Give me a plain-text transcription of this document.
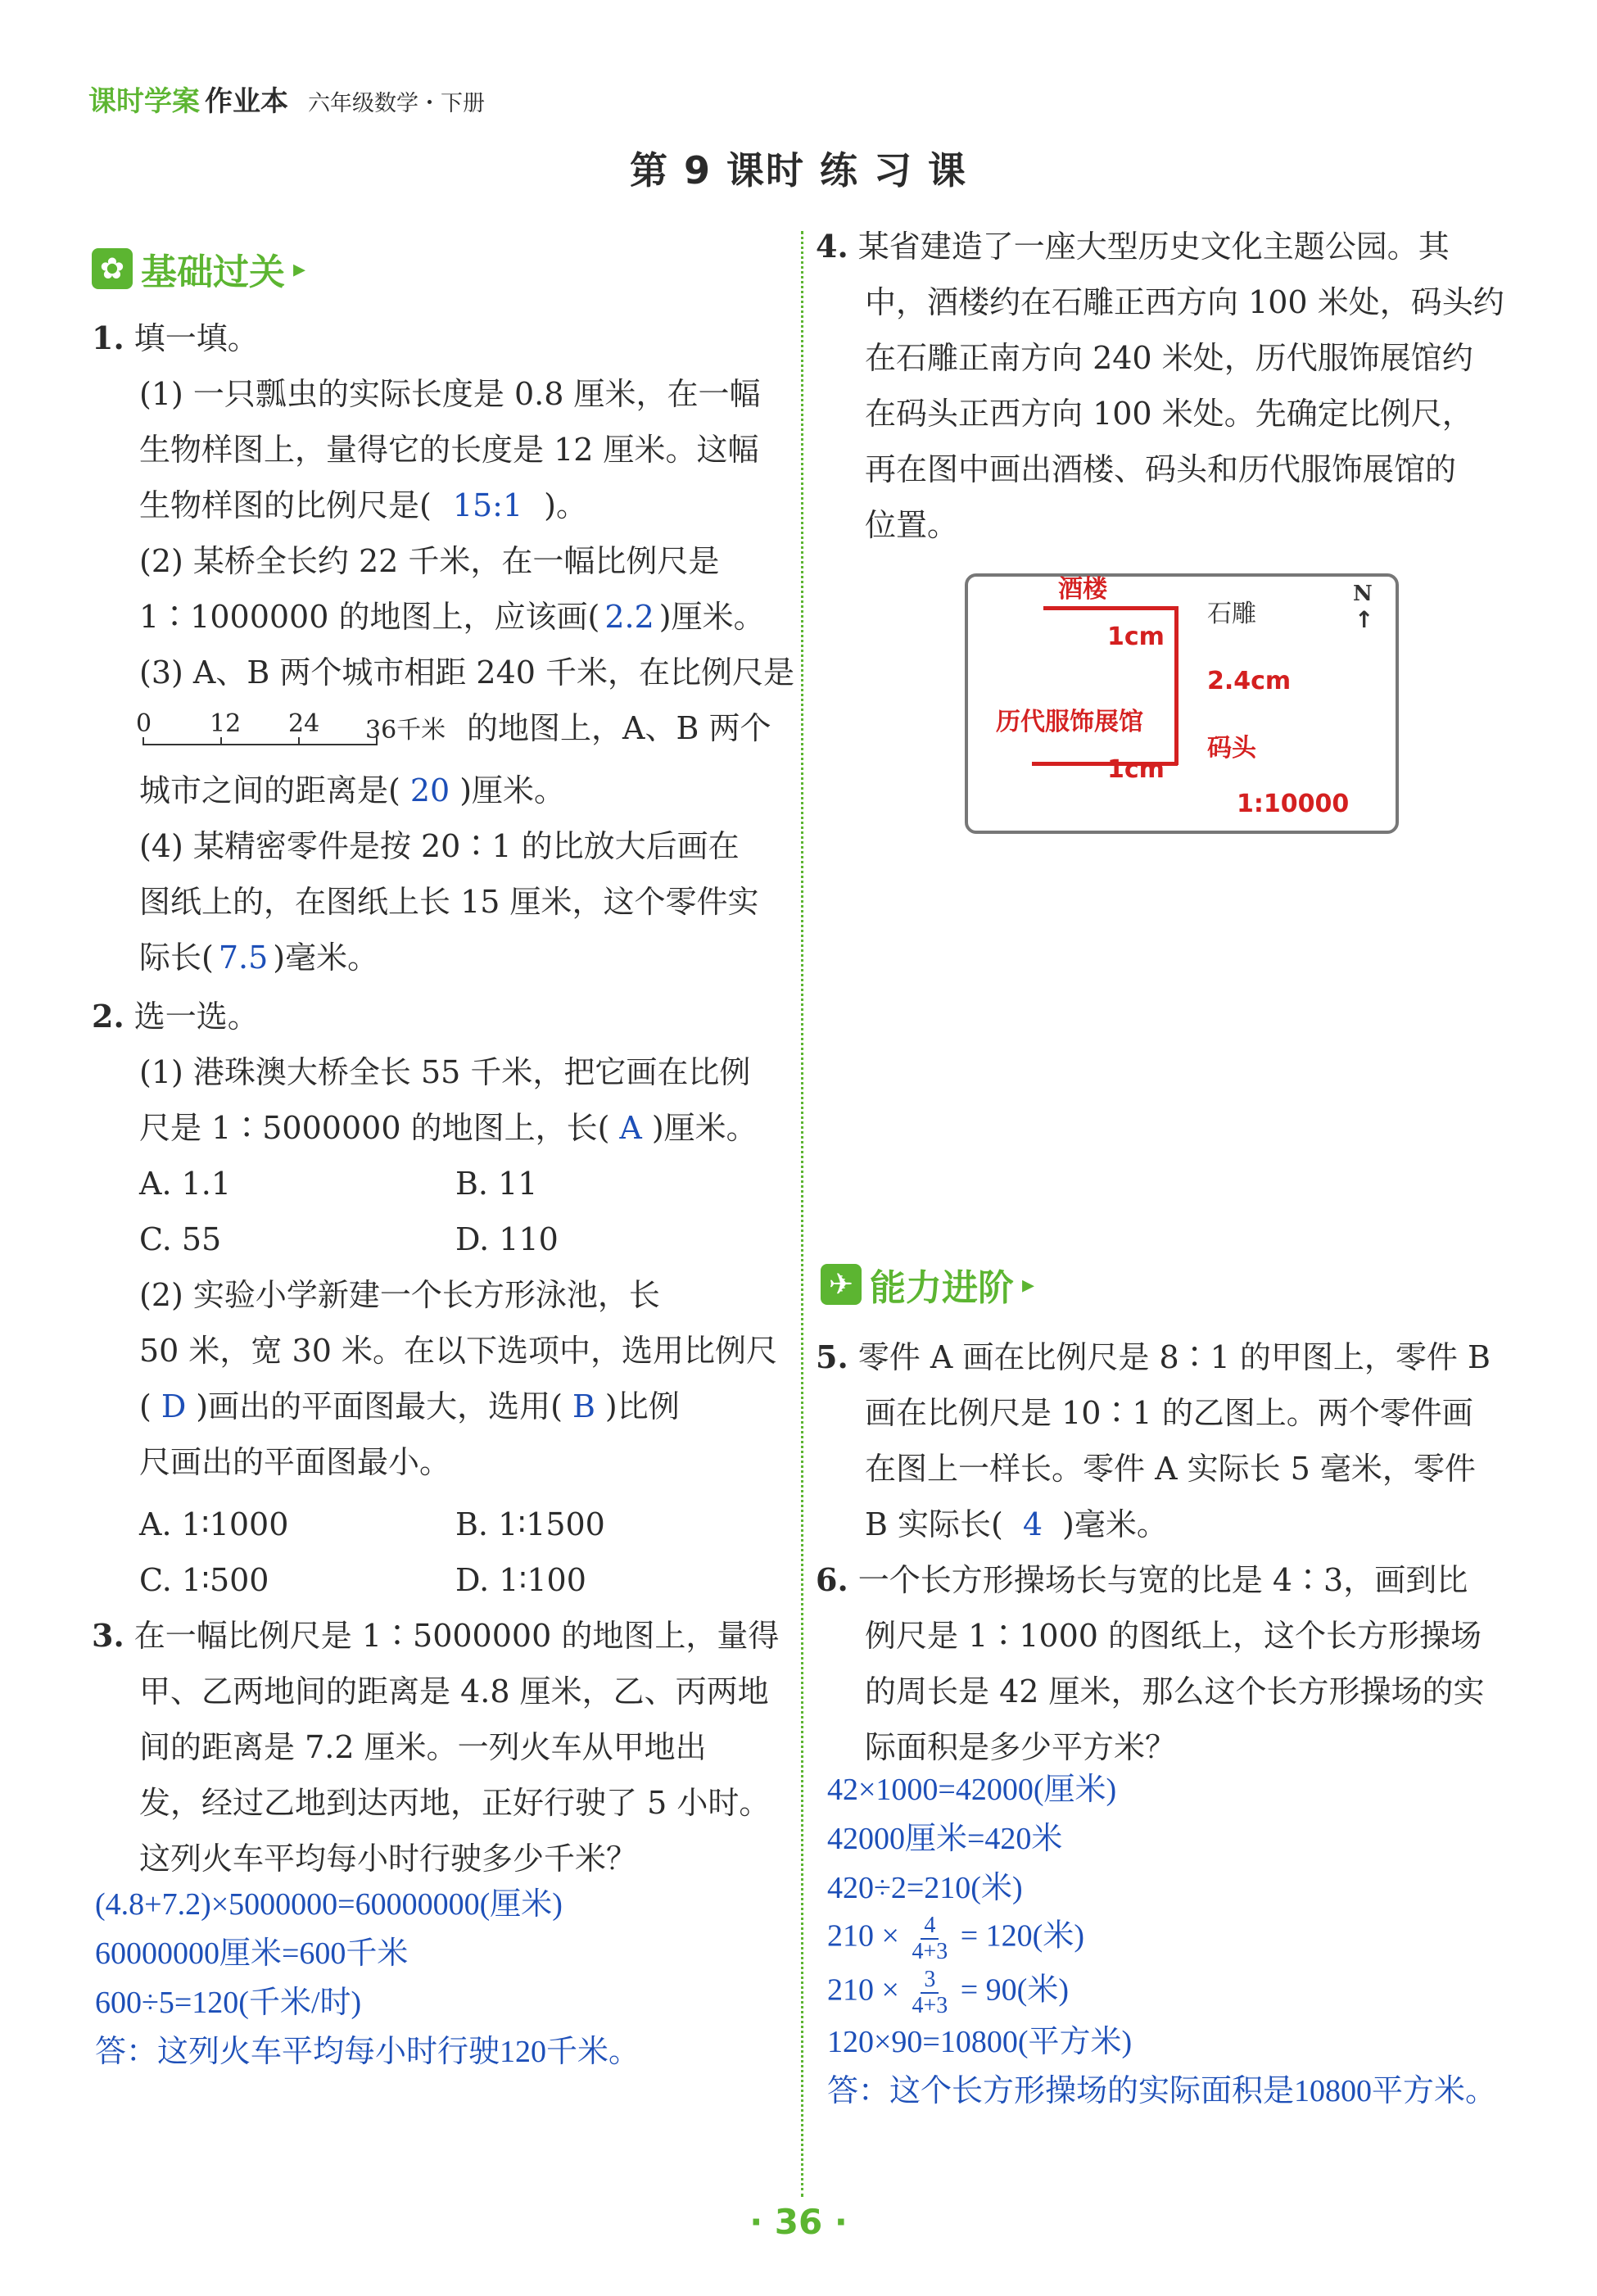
课时学案 作业本 六年级数学・下册
第 9 课时 练 习 课
✿ 基础过关 ▸
1. 填一填。
(1) 一只瓢虫的实际长度是 0.8 厘米，在一幅
生物样图上，量得它的长度是 12 厘米。这幅
生物样图的比例尺是( 15:1 )。
(2) 某桥全长约 22 千米，在一幅比例尺是
1∶1000000 的地图上，应该画( 2.2 )厘米。
(3) A、B 两个城市相距 240 千米，在比例尺是
0 12 24 36千米 的地图上，A、B 两个
城市之间的距离是( 20 )厘米。
(4) 某精密零件是按 20∶1 的比放大后画在
图纸上的，在图纸上长 15 厘米，这个零件实
际长( 7.5 )毫米。
2. 选一选。
(1) 港珠澳大桥全长 55 千米，把它画在比例
尺是 1∶5000000 的地图上，长( A )厘米。
A. 1.1	B. 11
C. 55	D. 110
(2) 实验小学新建一个长方形泳池，长
50 米，宽 30 米。在以下选项中，选用比例尺
( D )画出的平面图最大，选用( B )比例
尺画出的平面图最小。
A. 1∶1000	B. 1∶1500
C. 1∶500	D. 1∶100
3. 在一幅比例尺是 1∶5000000 的地图上，量得
甲、乙两地间的距离是 4.8 厘米，乙、丙两地
间的距离是 7.2 厘米。一列火车从甲地出
发，经过乙地到达丙地，正好行驶了 5 小时。
这列火车平均每小时行驶多少千米？
(4.8+7.2)×5000000=60000000(厘米)
60000000厘米=600千米
600÷5=120(千米/时)
答：这列火车平均每小时行驶120千米。
4. 某省建造了一座大型历史文化主题公园。其
中，酒楼约在石雕正西方向 100 米处，码头约
在石雕正南方向 240 米处，历代服饰展馆约
在码头正西方向 100 米处。先确定比例尺，
再在图中画出酒楼、码头和历代服饰展馆的
位置。
酒楼
石雕
N
↑
1cm
2.4cm
历代服饰展馆
码头
1cm
1:10000
✈ 能力进阶 ▸
5. 零件 A 画在比例尺是 8∶1 的甲图上，零件 B
画在比例尺是 10∶1 的乙图上。两个零件画
在图上一样长。零件 A 实际长 5 毫米，零件
B 实际长( 4 )毫米。
6. 一个长方形操场长与宽的比是 4∶3，画到比
例尺是 1∶1000 的图纸上，这个长方形操场
的周长是 42 厘米，那么这个长方形操场的实
际面积是多少平方米？
42×1000=42000(厘米)
42000厘米=420米
420÷2=210(米)
$210 \times \frac{4}{4+3} = 120$(米)
$210 \times \frac{3}{4+3} = 90$(米)
120×90=10800(平方米)
答：这个长方形操场的实际面积是10800平方米。
· 36 ·
